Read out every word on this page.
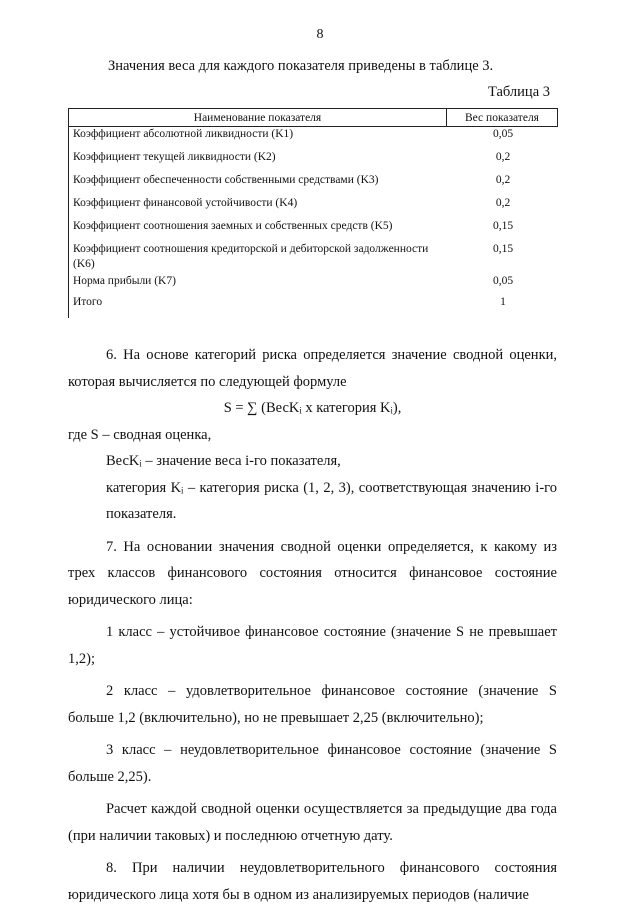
8
Значения веса для каждого показателя приведены в таблице 3.
Таблица 3
Наименование показателя	Вес показателя
Коэффициент абсолютной ликвидности (K1)	0,05
Коэффициент текущей ликвидности (K2)	0,2
Коэффициент обеспеченности собственными средствами (K3)	0,2
Коэффициент финансовой устойчивости (K4)	0,2
Коэффициент соотношения заемных и собственных средств (K5)	0,15
Коэффициент соотношения кредиторской и дебиторской задолженности (K6)	0,15
Норма прибыли (K7)	0,05
Итого	1

6. На основе категорий риска определяется значение сводной оценки, которая вычисляется по следующей формуле

S = ∑ (ВесKᵢ x категория Kᵢ),

где S – сводная оценка,

ВесKᵢ – значение веса i-го показателя,

категория Kᵢ – категория риска (1, 2, 3), соответствующая значению i-го показателя.

7. На основании значения сводной оценки определяется, к какому из трех классов финансового состояния относится финансовое состояние юридического лица:

1 класс – устойчивое финансовое состояние (значение S не превышает 1,2);

2 класс – удовлетворительное финансовое состояние (значение S больше 1,2 (включительно), но не превышает 2,25 (включительно);

3 класс – неудовлетворительное финансовое состояние (значение S больше 2,25).

Расчет каждой сводной оценки осуществляется за предыдущие два года (при наличии таковых) и последнюю отчетную дату.

8. При наличии неудовлетворительного финансового состояния юридического лица хотя бы в одном из анализируемых периодов (наличие
